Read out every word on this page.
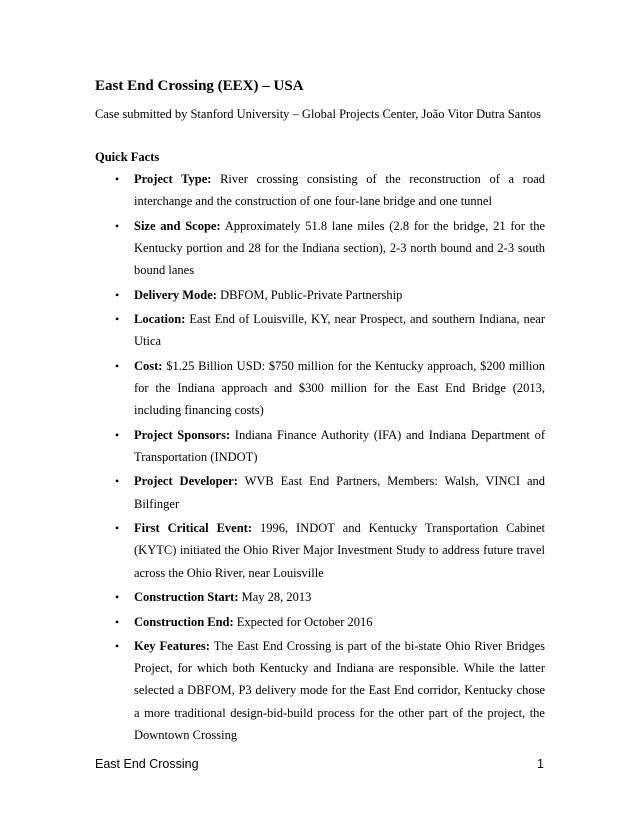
East End Crossing (EEX) – USA
Case submitted by Stanford University – Global Projects Center, João Vitor Dutra Santos
Quick Facts
• Project Type: River crossing consisting of the reconstruction of a road interchange and the construction of one four-lane bridge and one tunnel
• Size and Scope: Approximately 51.8 lane miles (2.8 for the bridge, 21 for the Kentucky portion and 28 for the Indiana section), 2-3 north bound and 2-3 south bound lanes
• Delivery Mode: DBFOM, Public-Private Partnership
• Location: East End of Louisville, KY, near Prospect, and southern Indiana, near Utica
• Cost: $1.25 Billion USD: $750 million for the Kentucky approach, $200 million for the Indiana approach and $300 million for the East End Bridge (2013, including financing costs)
• Project Sponsors: Indiana Finance Authority (IFA) and Indiana Department of Transportation (INDOT)
• Project Developer: WVB East End Partners, Members: Walsh, VINCI and Bilfinger
• First Critical Event: 1996, INDOT and Kentucky Transportation Cabinet (KYTC) initiated the Ohio River Major Investment Study to address future travel across the Ohio River, near Louisville
• Construction Start: May 28, 2013
• Construction End: Expected for October 2016
• Key Features: The East End Crossing is part of the bi-state Ohio River Bridges Project, for which both Kentucky and Indiana are responsible. While the latter selected a DBFOM, P3 delivery mode for the East End corridor, Kentucky chose a more traditional design-bid-build process for the other part of the project, the Downtown Crossing
East End Crossing	1
